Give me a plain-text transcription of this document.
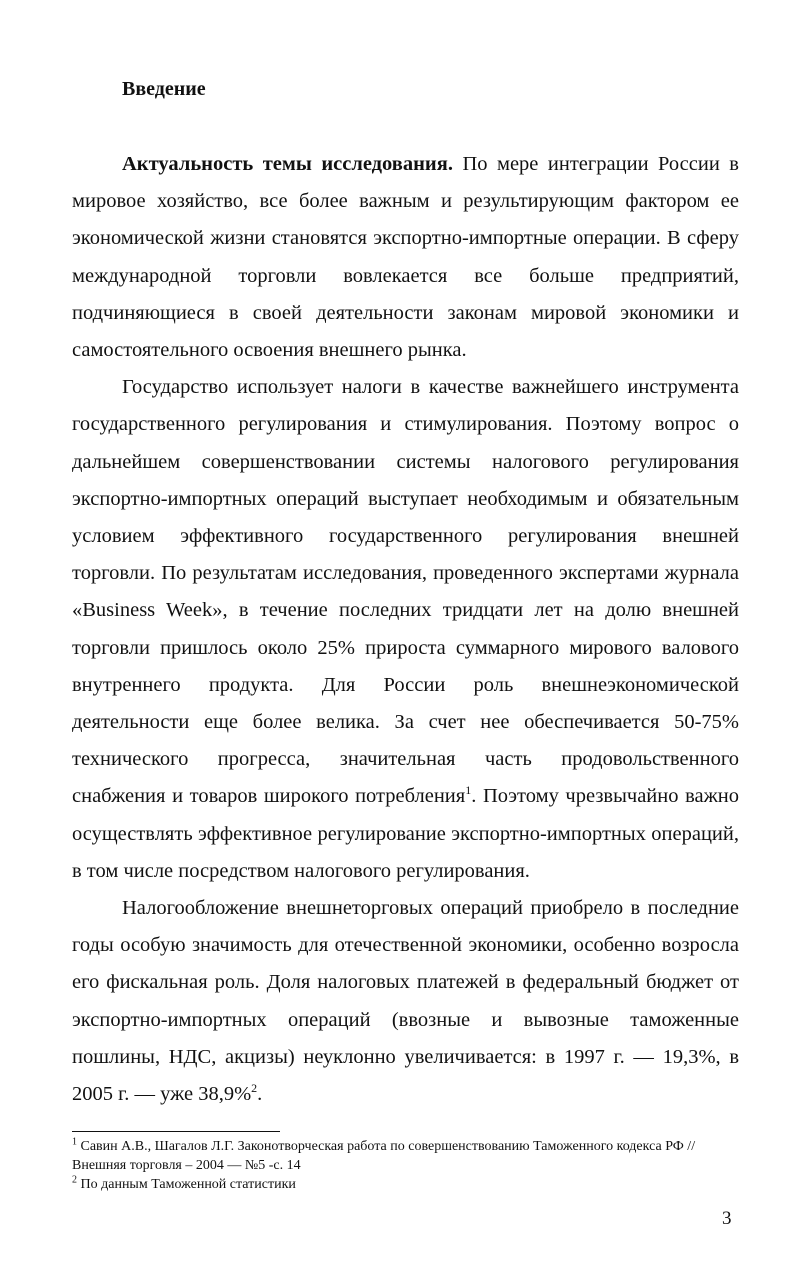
Введение

Актуальность темы исследования. По мере интеграции России в мировое хозяйство, все более важным и результирующим фактором ее экономической жизни становятся экспортно-импортные операции. В сферу международной торговли вовлекается все больше предприятий, подчиняющиеся в своей деятельности законам мировой экономики и самостоятельного освоения внешнего рынка.

Государство использует налоги в качестве важнейшего инструмента государственного регулирования и стимулирования. Поэтому вопрос о дальнейшем совершенствовании системы налогового регулирования экспортно-импортных операций выступает необходимым и обязательным условием эффективного государственного регулирования внешней торговли. По результатам исследования, проведенного экспертами журнала «Business Week», в течение последних тридцати лет на долю внешней торговли пришлось около 25% прироста суммарного мирового валового внутреннего продукта. Для России роль внешнеэкономической деятельности еще более велика. За счет нее обеспечивается 50-75% технического прогресса, значительная часть продовольственного снабжения и товаров широкого потребления$^1$. Поэтому чрезвычайно важно осуществлять эффективное регулирование экспортно-импортных операций, в том числе посредством налогового регулирования.

Налогообложение внешнеторговых операций приобрело в последние годы особую значимость для отечественной экономики, особенно возросла его фискальная роль. Доля налоговых платежей в федеральный бюджет от экспортно-импортных операций (ввозные и вывозные таможенные пошлины, НДС, акцизы) неуклонно увеличивается: в 1997 г. — 19,3%, в 2005 г. — уже 38,9%$^2$.

$^1$ Савин А.В., Шагалов Л.Г. Законотворческая работа по совершенствованию Таможенного кодекса РФ // Внешняя торговля – 2004 — №5 -с. 14

$^2$ По данным Таможенной статистики

3
